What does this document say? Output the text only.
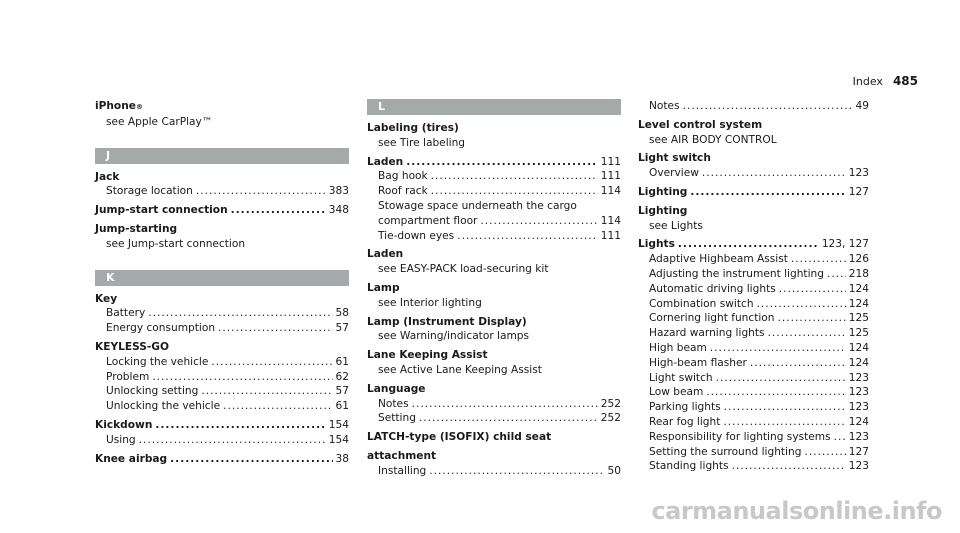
Index 485
iPhone ®
see Apple CarPlay™
J
Jack
Storage location .....	383
Jump-start connection .....	348
Jump-starting
see Jump-start connection
K
Key
Battery .....	58
Energy consumption .....	57
KEYLESS-GO
Locking the vehicle .....	61
Problem .....	62
Unlocking setting .....	57
Unlocking the vehicle .....	61
Kickdown .....	154
Using .....	154
Knee airbag .....	38
L
Labeling (tires)
see Tire labeling
Laden .....	111
Bag hook .....	111
Roof rack .....	114
Stowage space underneath the cargo
compartment floor .....	114
Tie-down eyes .....	111
Laden
see EASY-PACK load-securing kit
Lamp
see Interior lighting
Lamp (Instrument Display)
see Warning/indicator lamps
Lane Keeping Assist
see Active Lane Keeping Assist
Language
Notes .....	252
Setting .....	252
LATCH-type (ISOFIX) child seat
attachment
Installing .....	50
Notes .....	49
Level control system
see AIR BODY CONTROL
Light switch
Overview .....	123
Lighting .....	127
Lighting
see Lights
Lights .....	123, 127
Adaptive Highbeam Assist .....	126
Adjusting the instrument lighting ..... 218
Automatic driving lights .....	124
Combination switch .....	124
Cornering light function .....	125
Hazard warning lights .....	125
High beam .....	124
High-beam flasher .....	124
Light switch .....	123
Low beam .....	123
Parking lights .....	123
Rear fog light .....	124
Responsibility for lighting systems ..... 123
Setting the surround lighting .....	127
Standing lights .....	123
carmanualsonline.info
